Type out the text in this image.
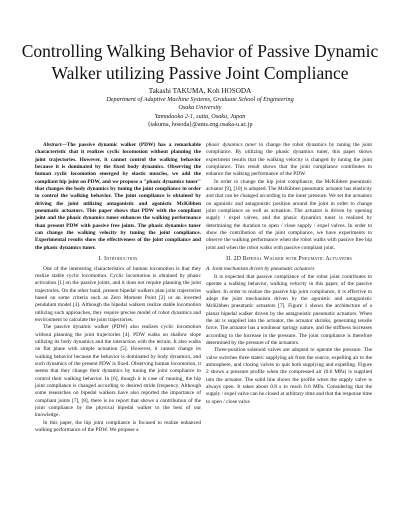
Controlling Walking Behavior of Passive Dynamic
Walker utilizing Passive Joint Compliance
Takashi TAKUMA, Koh HOSODA
Department of Adaptive Machine Systems, Graduate School of Engineering
Osaka University
Yamadaoka 2-1, suita, Osaka, Japan
{takuma, hosoda}@ams.eng.osaka-u.ac.jp

Abstract—The passive dynamic walker (PDW) has a remarkable characteristic that it realizes cyclic locomotion without planning the joint trajectories. However, it cannot control the walking behavior because it is dominated by the fixed body dynamics. Observing the human cyclic locomotion emerged by elastic muscles, we add the compliant hip joint on PDW, and we propose a "phasic dynamics tuner" that changes the body dynamics by tuning the joint compliance in order to control the walking behavior. The joint compliance is obtained by driving the joint utilizing antagonistic and agonistic McKibben pneumatic actuators. This paper shows that PDW with the compliant joint and the phasic dynamics tuner enhances the walking performance than present PDW with passive free joints. The phasic dynamics tuner can change the walking velocity by tuning the joint compliance. Experimental results show the effectiveness of the joint compliance and the phasic dynamics tuner.

I. Introduction

One of the interesting characteristics of human locomotion is that they realize stable cyclic locomotion. Cyclic locomotion is obtained by phasic activation [1] on the passive joints, and it does not require planning the joint trajectories. On the other hand, present bipedal walkers plan joint trajectories based on some criteria such as Zero Moment Point [2] or an inverted pendulum model [3]. Although the bipedal walkers realize stable locomotion utilizing such approaches, they require precise model of robot dynamics and environment to calculate the joint trajectories.

The passive dynamic walker (PDW) also realizes cyclic locomotion without planning the joint trajectories [4]. PDW walks on shallow slope utilizing its body dynamics and the interaction with the terrain. It also walks on flat plane with simple actuation [5]. However, it cannot change its walking behavior because the behavior is dominated by body dynamics, and such dynamics of the present PDW is fixed. Observing human locomotion, it seems that they change their dynamics by tuning the joint compliance to control their walking behavior. In [6], though it is case of running, the hip joint compliance is changed according to desired stride frequency. Although some researches on bipedal walkers have also reported the importance of compliant joints [7], [8], there is no report that shows a contribution of the joint compliance by the physical bipedal walker to the best of our knowledge.

In this paper, the hip joint compliance is focused to realize enhanced walking performance of the PDW. We propose a

phasic dynamics tuner to change the robot dynamics by tuning the joint compliance. By utilizing the phasic dynamics tuner, this paper shows experiment results that the walking velocity is changed by tuning the joint compliance. This result shows that the joint compliance contributes to enhance the walking performance of the PDW.

In order to change the hip joint compliance, the McKibben pneumatic actuator [9], [10] is adopted. The McKibben pneumatic actuator has elasticity and that can be changed according to the inner pressure. We set the actuators on agonistic and antagonistic position around the joint in order to change joint compliance as well as actuation. The actuator is driven by opening supply / expel valves, and the phasic dynamics tuner is realized by determining the duration to open / close supply / expel valves. In order to show the contribution of the joint compliance, we have experiments to observe the walking performance when the robot walks with passive free hip joint and when the robot walks with passive compliant joint.

II. 2D Bipedal Walker with Pneumatic Actuators
A. Joint mechanism driven by pneumatic actuators

It is expected that passive compliance of the robot joint contributes to operate a walking behavior, walking velocity in this paper, of the passive walker. In order to realize the passive hip joint compliance, it is effective to adopt the joint mechanism driven by the agonistic and antagonistic McKibben pneumatic actuators [7]. Figure 1 shows the architecture of a planar bipedal walker driven by the antagonistic pneumatic actuators. When the air is supplied into the actuator, the actuator shrinks, generating tensile force. The actuator has a nonlinear springy nature, and the stiffness increases according to the increase in the pressure. The joint compliance is therefore determined by the pressure of the actuators.

Three-position solenoid valves are adopted to operate the pressure. The valve switches three states: supplying air from the source, expelling air to the atmosphere, and closing valves to quit both supplying and expelling. Figure 2 shows a pressure profile when the compressed air (0.6 MPa) is supplied into the actuator. The solid line shows the profile when the supply valve is always open. It takes about 0.8 s to reach 0.6 MPa. Considering that the supply / expel valve can be closed at arbitrary time and that the response time to open / close valve
